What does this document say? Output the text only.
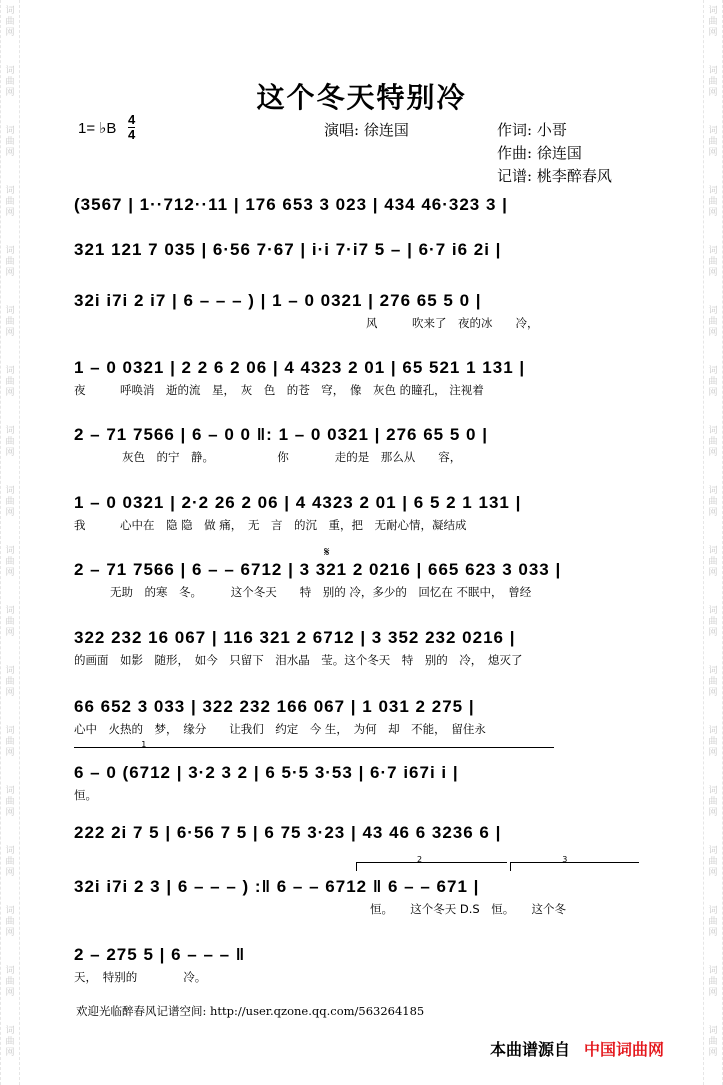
词
曲
网
词
曲
网
词
曲
网
词
曲
网
词
曲
网
词
曲
网
词
曲
网
词
曲
网
词
曲
网
词
曲
网
词
曲
网
词
曲
网
词
曲
网
词
曲
网
词
曲
网
词
曲
网
词
曲
网
词
曲
网
词
曲
网
词
曲
网
词
曲
网
词
曲
网
词
曲
网
词
曲
网
词
曲
网
词
曲
网
词
曲
网
词
曲
网
词
曲
网
词
曲
网
词
曲
网
词
曲
网
词
曲
网
词
曲
网
词
曲
网
词
曲
网
这个冬天特别冷
1= ♭B
4
4	演唱: 徐连国	作词: 小哥
作曲: 徐连国
记谱: 桃李醉春风
(3567 | 1··712··11 | 176 653 3 023 | 434 46·323 3 |
321 121 7 035 | 6·56 7·67 | i·i 7·i7 5 – | 6·7 i6 2i |
32i i7i 2 i7 | 6 – – – ) | 1 – 0 0321 | 276 65 5 0 |
风　　　吹来了　夜的冰　　冷，
1 – 0 0321 | 2 2 6 2 06 | 4 4323 2 01 | 65 521 1 131 |
夜　　　呼唤消　逝的流　星，　灰　色　的苍　穹，　像　灰色 的瞳孔， 注视着
2 – 71 7566 | 6 – 0 0 ‖: 1 – 0 0321 | 276 65 5 0 |
灰色　的宁　静。　　　　　　你　　　　走的是　那么从　　容，
1 – 0 0321 | 2·2 26 2 06 | 4 4323 2 01 | 6 5 2 1 131 |
我　　　心中在　隐 隐　做 痛，　无　言　的沉　重，把　无耐心情，凝结成
𝄋
2 – 71 7566 | 6 – – 6712 | 3 321 2 0216 | 665 623 3 033 |
无助　的寒　冬。　　　这个冬天　　特　别的 冷，多少的　回忆在 不眠中，　曾经
322 232 16 067 | 116 321 2 6712 | 3 352 232 0216 |
的画面　如影　随形，　如今　只留下　泪水晶　莹。这个冬天　特　别的　冷，　熄灭了
66 652 3 033 | 322 232 166 067 | 1 031 2 275 |
心中　火热的　梦，　缘分　　让我们　约定　今 生，　为何　却　不能，　留住永
1
6 – 0 (6712 | 3·2 3 2 | 6 5·5 3·53 | 6·7 i67i i |
恒。
222 2i 7 5 | 6·56 7 5 | 6 75 3·23 | 43 46 6 3236 6 |
2	3
32i i7i 2 3 | 6 – – – ) :‖ 6 – – 6712 ‖ 6 – – 671 |
恒。　　这个冬天 D.S　恒。　　这个冬
2 – 275 5 | 6 – – – ‖
天，　特别的　　　　冷。
欢迎光临醉春风记谱空间: http://user.qzone.qq.com/563264185
本曲谱源自 中国词曲网
